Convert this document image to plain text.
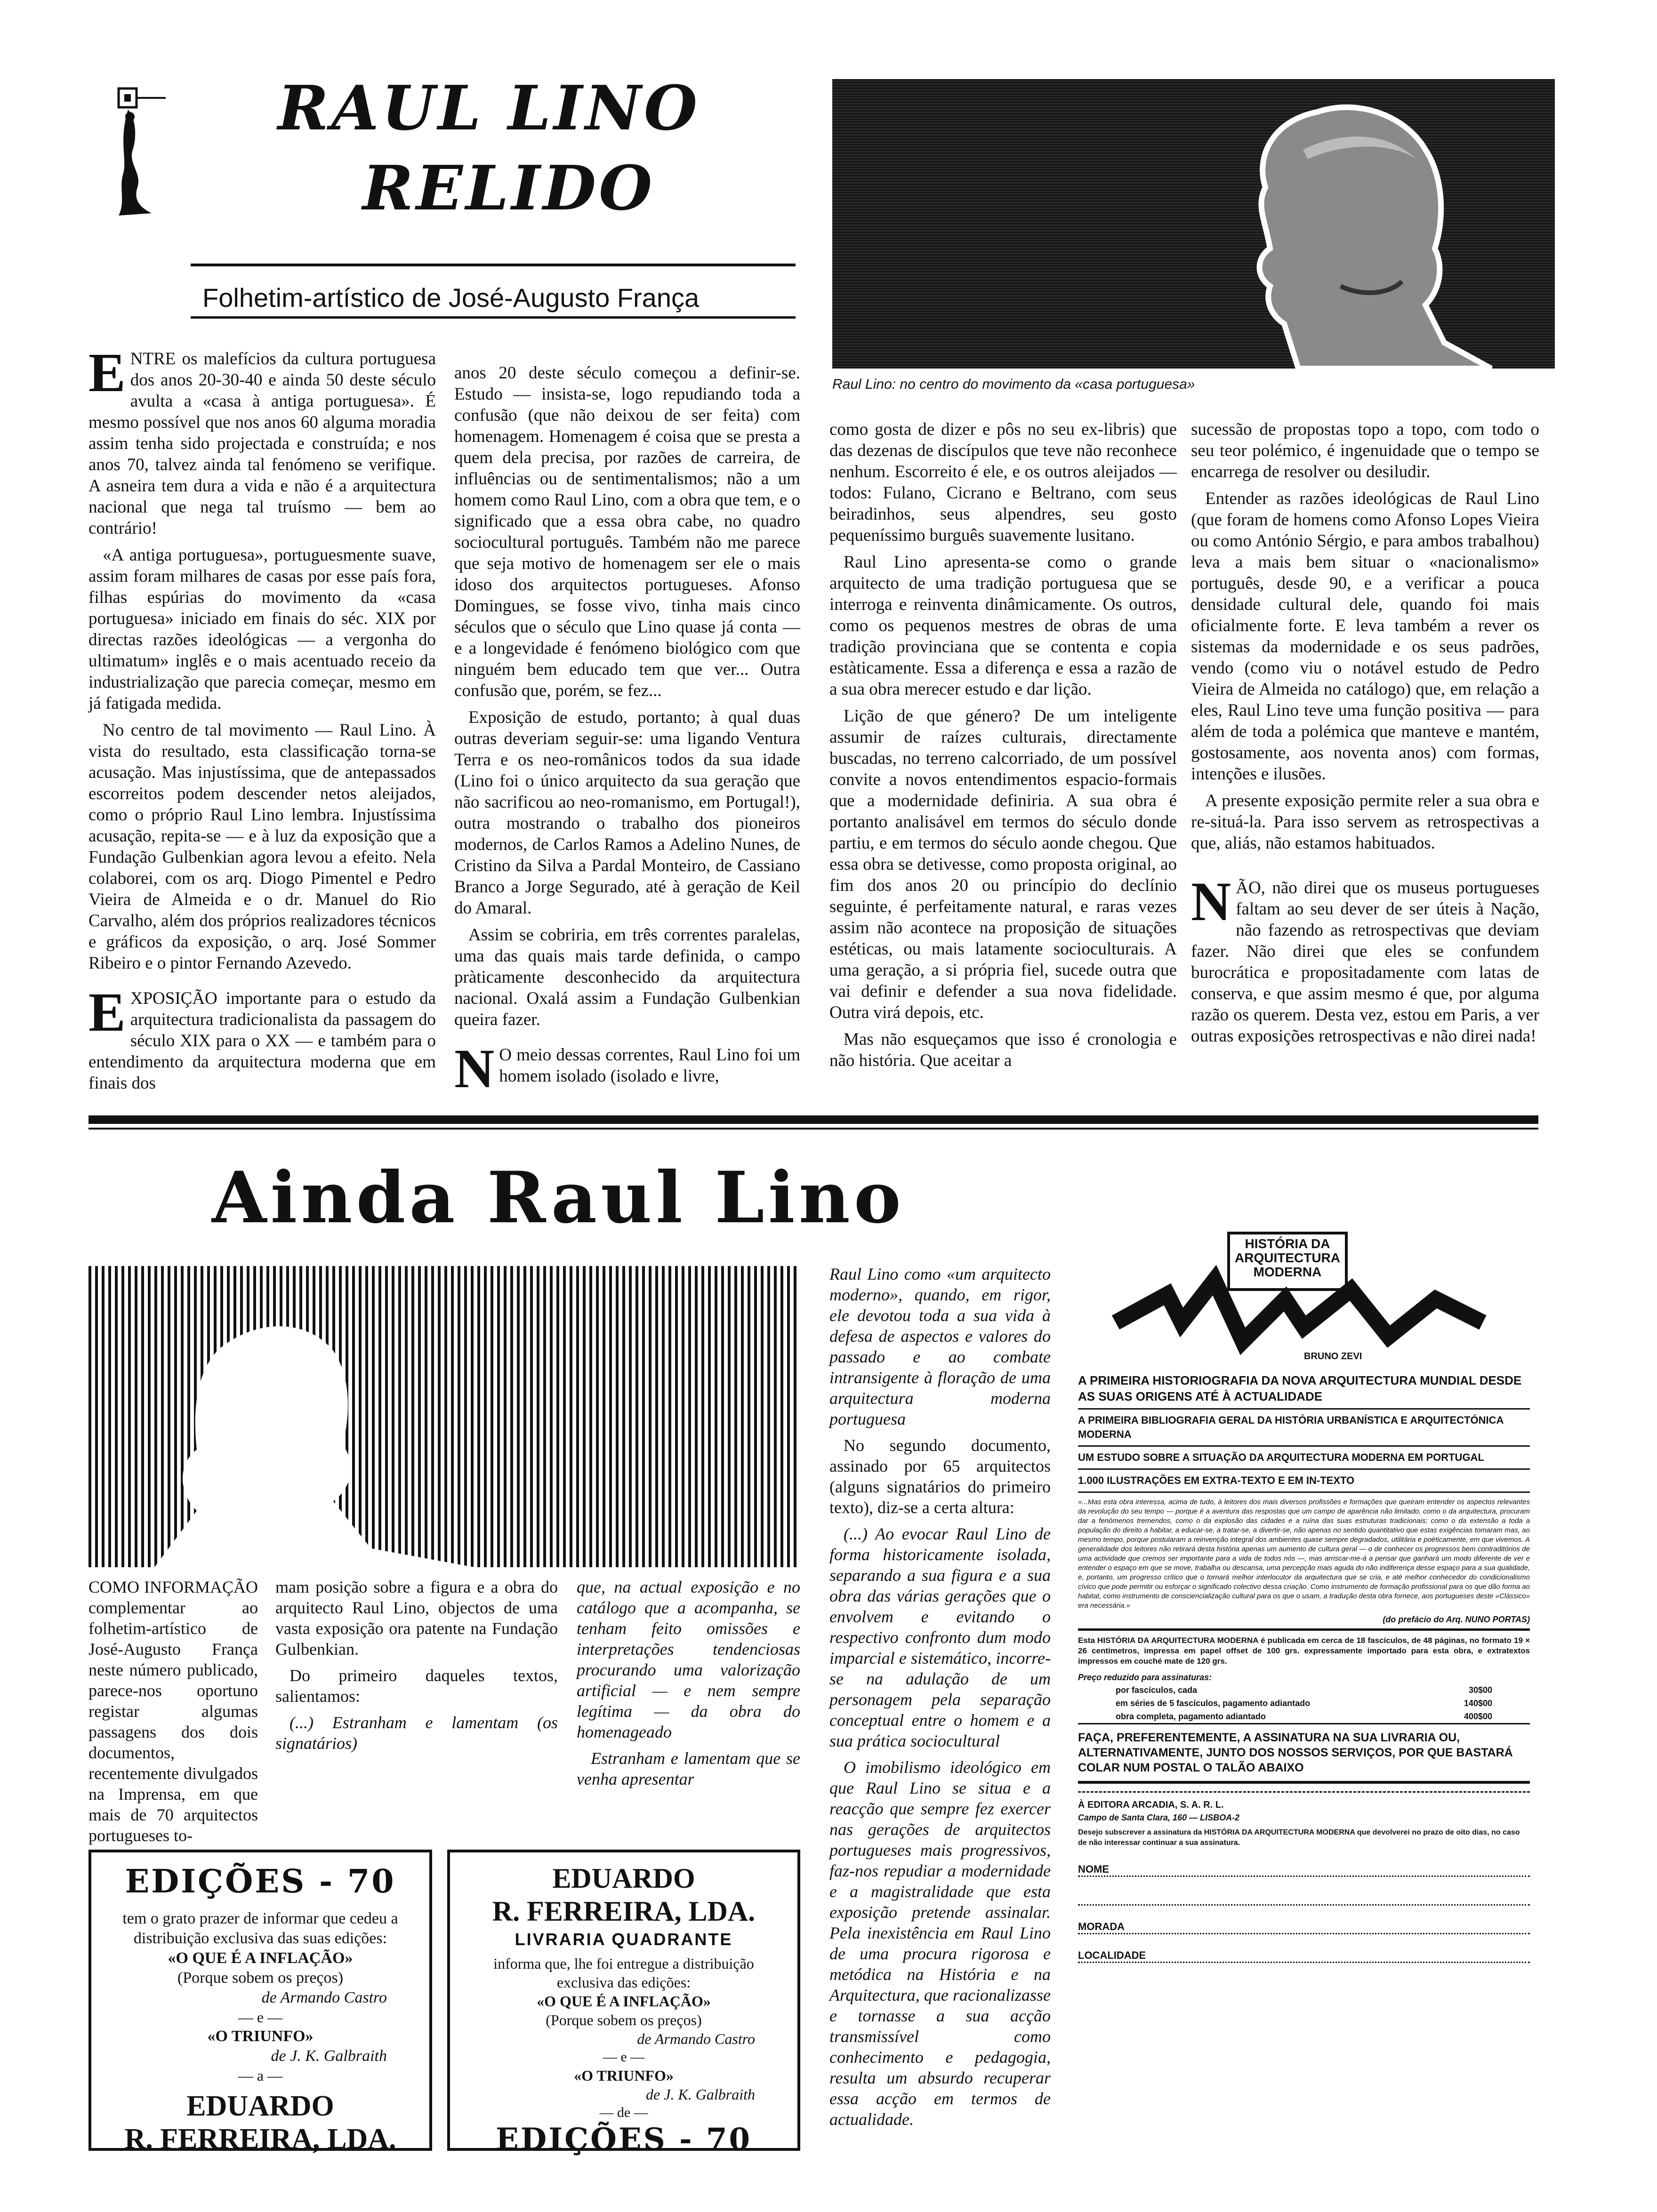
RAUL LINO
RELIDO
Folhetim-artístico de José-Augusto França
Raul Lino: no centro do movimento da «casa portuguesa»

ENTRE os malefícios da cultura portuguesa dos anos 20-30-40 e ainda 50 deste século avulta a «casa à antiga portuguesa». É mesmo possível que nos anos 60 alguma moradia assim tenha sido projectada e construída; e nos anos 70, talvez ainda tal fenómeno se verifique. A asneira tem dura a vida e não é a arquitectura nacional que nega tal truísmo — bem ao contrário!

«A antiga portuguesa», portuguesmente suave, assim foram milhares de casas por esse país fora, filhas espúrias do movimento da «casa portuguesa» iniciado em finais do séc. XIX por directas razões ideológicas — a vergonha do ultimatum» inglês e o mais acentuado receio da industrialização que parecia começar, mesmo em já fatigada medida.

No centro de tal movimento — Raul Lino. À vista do resultado, esta classificação torna-se acusação. Mas injustíssima, que de antepassados escorreitos podem descender netos aleijados, como o próprio Raul Lino lembra. Injustíssima acusação, repita-se — e à luz da exposição que a Fundação Gulbenkian agora levou a efeito. Nela colaborei, com os arq. Diogo Pimentel e Pedro Vieira de Almeida e o dr. Manuel do Rio Carvalho, além dos próprios realizadores técnicos e gráficos da exposição, o arq. José Sommer Ribeiro e o pintor Fernando Azevedo.

EXPOSIÇÃO importante para o estudo da arquitectura tradicionalista da passagem do século XIX para o XX — e também para o entendimento da arquitectura moderna que em finais dos

anos 20 deste século começou a definir-se. Estudo — insista-se, logo repudiando toda a confusão (que não deixou de ser feita) com homenagem. Homenagem é coisa que se presta a quem dela precisa, por razões de carreira, de influências ou de sentimentalismos; não a um homem como Raul Lino, com a obra que tem, e o significado que a essa obra cabe, no quadro sociocultural português. Também não me parece que seja motivo de homenagem ser ele o mais idoso dos arquitectos portugueses. Afonso Domingues, se fosse vivo, tinha mais cinco séculos que o século que Lino quase já conta — e a longevidade é fenómeno biológico com que ninguém bem educado tem que ver... Outra confusão que, porém, se fez...

Exposição de estudo, portanto; à qual duas outras deveriam seguir-se: uma ligando Ventura Terra e os neo-românicos todos da sua idade (Lino foi o único arquitecto da sua geração que não sacrificou ao neo-romanismo, em Portugal!), outra mostrando o trabalho dos pioneiros modernos, de Carlos Ramos a Adelino Nunes, de Cristino da Silva a Pardal Monteiro, de Cassiano Branco a Jorge Segurado, até à geração de Keil do Amaral.

Assim se cobriria, em três correntes paralelas, uma das quais mais tarde definida, o campo pràticamente desconhecido da arquitectura nacional. Oxalá assim a Fundação Gulbenkian queira fazer.

N O meio dessas correntes, Raul Lino foi um homem isolado (isolado e livre,

como gosta de dizer e pôs no seu ex-libris) que das dezenas de discípulos que teve não reconhece nenhum. Escorreito é ele, e os outros aleijados — todos: Fulano, Cicrano e Beltrano, com seus beiradinhos, seus alpendres, seu gosto pequeníssimo burguês suavemente lusitano.

Raul Lino apresenta-se como o grande arquitecto de uma tradição portuguesa que se interroga e reinventa dinâmicamente. Os outros, como os pequenos mestres de obras de uma tradição provinciana que se contenta e copia estàticamente. Essa a diferença e essa a razão de a sua obra merecer estudo e dar lição.

Lição de que género? De um inteligente assumir de raízes culturais, directamente buscadas, no terreno calcorriado, de um possível convite a novos entendimentos espacio-formais que a modernidade definiria. A sua obra é portanto analisável em termos do século donde partiu, e em termos do século aonde chegou. Que essa obra se detivesse, como proposta original, ao fim dos anos 20 ou princípio do declínio seguinte, é perfeitamente natural, e raras vezes assim não acontece na proposição de situações estéticas, ou mais latamente socioculturais. A uma geração, a si própria fiel, sucede outra que vai definir e defender a sua nova fidelidade. Outra virá depois, etc.

Mas não esqueçamos que isso é cronologia e não história. Que aceitar a

sucessão de propostas topo a topo, com todo o seu teor polémico, é ingenuidade que o tempo se encarrega de resolver ou desiludir.

Entender as razões ideológicas de Raul Lino (que foram de homens como Afonso Lopes Vieira ou como António Sérgio, e para ambos trabalhou) leva a mais bem situar o «nacionalismo» português, desde 90, e a verificar a pouca densidade cultural dele, quando foi mais oficialmente forte. E leva também a rever os sistemas da modernidade e os seus padrões, vendo (como viu o notável estudo de Pedro Vieira de Almeida no catálogo) que, em relação a eles, Raul Lino teve uma função positiva — para além de toda a polémica que manteve e mantém, gostosamente, aos noventa anos) com formas, intenções e ilusões.

A presente exposição permite reler a sua obra e re-situá-la. Para isso servem as retrospectivas a que, aliás, não estamos habituados.

NÃO, não direi que os museus portugueses faltam ao seu dever de ser úteis à Nação, não fazendo as retrospectivas que deviam fazer. Não direi que eles se confundem burocrática e propositadamente com latas de conserva, e que assim mesmo é que, por alguma razão os querem. Desta vez, estou em Paris, a ver outras exposições retrospectivas e não direi nada!

Ainda Raul Lino

COMO INFORMAÇÃO complementar ao folhetim-artístico de José-Augusto França neste número publicado, parece-nos oportuno registar algumas passagens dos dois documentos, recentemente divulgados na Imprensa, em que mais de 70 arquitectos portugueses to-

mam posição sobre a figura e a obra do arquitecto Raul Lino, objectos de uma vasta exposição ora patente na Fundação Gulbenkian.

Do primeiro daqueles textos, salientamos:

(...) Estranham e lamentam (os signatários)

que, na actual exposição e no catálogo que a acompanha, se tenham feito omissões e interpretações tendenciosas procurando uma valorização artificial — e nem sempre legítima — da obra do homenageado

Estranham e lamentam que se venha apresentar

Raul Lino como «um arquitecto moderno», quando, em rigor, ele devotou toda a sua vida à defesa de aspectos e valores do passado e ao combate intransigente à floração de uma arquitectura moderna portuguesa

No segundo documento, assinado por 65 arquitectos (alguns signatários do primeiro texto), diz-se a certa altura:

(...) Ao evocar Raul Lino de forma historicamente isolada, separando a sua figura e a sua obra das várias gerações que o envolvem e evitando o respectivo confronto dum modo imparcial e sistemático, incorre-se na adulação de um personagem pela separação conceptual entre o homem e a sua prática sociocultural

O imobilismo ideológico em que Raul Lino se situa e a reacção que sempre fez exercer nas gerações de arquitectos portugueses mais progressivos, faz-nos repudiar a modernidade e a magistralidade que esta exposição pretende assinalar. Pela inexistência em Raul Lino de uma procura rigorosa e metódica na História e na Arquitectura, que racionalizasse e tornasse a sua acção transmissível como conhecimento e pedagogia, resulta um absurdo recuperar essa acção em termos de actualidade.

EDIÇÕES - 70
tem o grato prazer de informar que cedeu a distribuição exclusiva das suas edições:
«O QUE É A INFLAÇÃO»
(Porque sobem os preços)
de Armando Castro
— e —
«O TRIUNFO»
de J. K. Galbraith
— a —
EDUARDO
R. FERREIRA, LDA.
EDUARDO
R. FERREIRA, LDA.
LIVRARIA QUADRANTE
informa que, lhe foi entregue a distribuição exclusiva das edições:
«O QUE É A INFLAÇÃO»
(Porque sobem os preços)
de Armando Castro
— e —
«O TRIUNFO»
de J. K. Galbraith
— de —
EDIÇÕES - 70
HISTÓRIA DA
ARQUITECTURA
MODERNA
BRUNO ZEVI
A PRIMEIRA HISTORIOGRAFIA DA NOVA ARQUITECTURA MUNDIAL DESDE AS SUAS ORIGENS ATÉ À ACTUALIDADE
A PRIMEIRA BIBLIOGRAFIA GERAL DA HISTÓRIA URBANÍSTICA E ARQUITECTÓNICA MODERNA
UM ESTUDO SOBRE A SITUAÇÃO DA ARQUITECTURA MODERNA EM PORTUGAL
1.000 ILUSTRAÇÕES EM EXTRA-TEXTO E EM IN-TEXTO
«...Mas esta obra interessa, acima de tudo, à leitores dos mais diversos profissões e formações que queiram entender os aspectos relevantes da revolução do seu tempo — porque é a aventura das respostas que um campo de aparência não limitado, como o da arquitectura, procuram dar a fenómenos tremendos, como o da explosão das cidades e a ruína das suas estruturas tradicionais; como o da extensão a toda a população do direito a habitar, a educar-se, a tratar-se, a divertir-se, não apenas no sentido quantitativo que estas exigências tomaram mas, ao mesmo tempo, porque postularam a reinvenção integral dos ambientes quase sempre degradados, utilitária e poèticamente, em que vivemos. A generalidade dos leitores não retirará desta história apenas um aumento de cultura geral — o de conhecer os progressos bem contraditórios de uma actividade que cremos ser importante para a vida de todos nós —, mas arriscar-me-á a pensar que ganhará um modo diferente de ver e entender o espaço em que se move, trabalha ou descansa, uma percepção mais aguda do não indiferença desse espaço para a sua qualidade, e, portanto, um progresso crítico que o tornará melhor interlocutor da arquitectura que se cria, e até melhor conhecedor do condicionalismo cívico que pode permitir ou esforçar o significado colectivo dessa criação. Como instrumento de formação profissional para os que dão forma ao habitat, como instrumento de consciencialização cultural para os que o usam, a tradução desta obra fornece, aos portugueses deste «Clássico» era necessária.»
(do prefácio do Arq. NUNO PORTAS)
Esta HISTÓRIA DA ARQUITECTURA MODERNA é publicada em cerca de 18 fascículos, de 48 páginas, no formato 19 × 26 centímetros, impressa em papel offset de 100 grs. expressamente importado para esta obra, e extratextos impressos em couché mate de 120 grs.
Preço reduzido para assinaturas:
por fascículos, cada	30$00
em séries de 5 fascículos, pagamento adiantado	140$00
obra completa, pagamento adiantado	400$00
FAÇA, PREFERENTEMENTE, A ASSINATURA NA SUA LIVRARIA OU, ALTERNATIVAMENTE, JUNTO DOS NOSSOS SERVIÇOS, POR QUE BASTARÁ COLAR NUM POSTAL O TALÃO ABAIXO
À EDITORA ARCADIA, S. A. R. L.
Campo de Santa Clara, 160 — LISBOA-2
Desejo subscrever a assinatura da HISTÓRIA DA ARQUITECTURA MODERNA que devolverei no prazo de oito dias, no caso de não interessar continuar a sua assinatura.
NOME
MORADA
LOCALIDADE
